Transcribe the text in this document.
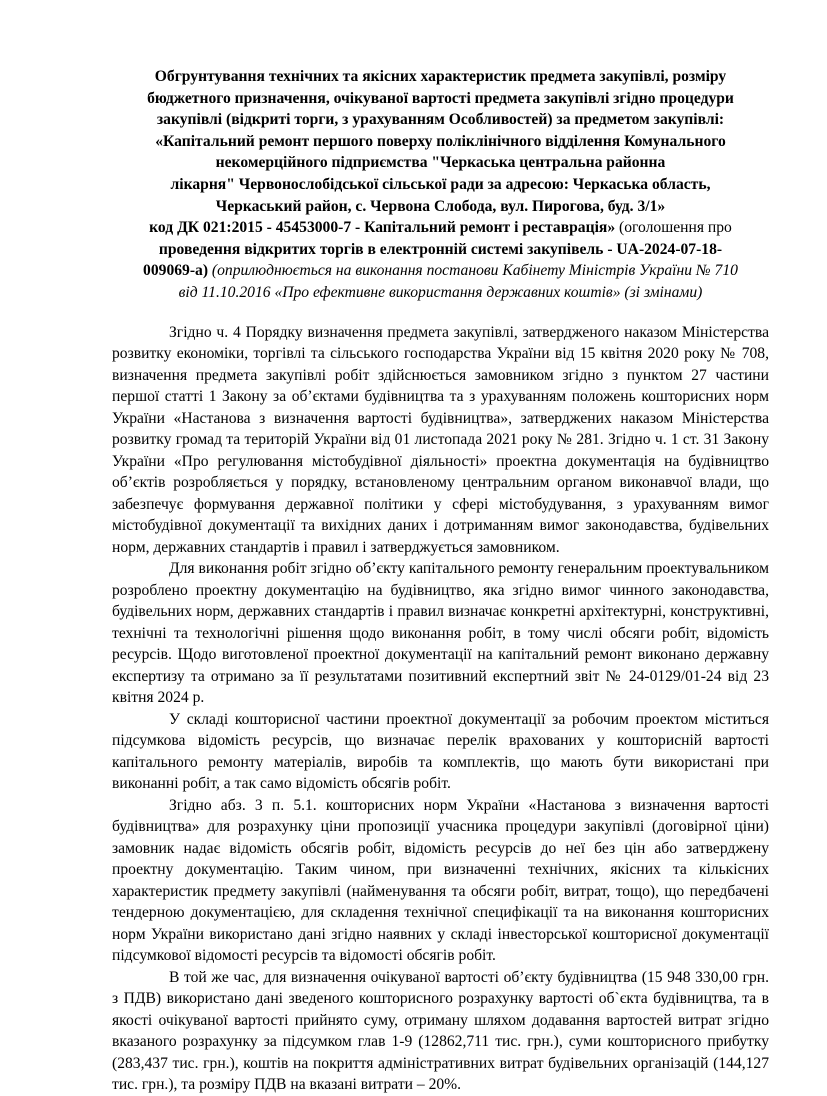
Обгрунтування технічних та якісних характеристик предмета закупівлі, розміру
бюджетного призначення, очікуваної вартості предмета закупівлі згідно процедури
закупівлі (відкриті торги, з урахуванням Особливостей) за предметом закупівлі:
«Капітальний ремонт першого поверху поліклінічного відділення Комунального
некомерційного підприємства "Черкаська центральна районна
лікарня" Червонослобідської сільської ради за адресою: Черкаська область,
Черкаський район, с. Червона Слобода, вул. Пирогова, буд. 3/1»
код ДК 021:2015 - 45453000-7 - Капітальний ремонт і реставрація» (оголошення про
проведення відкритих торгів в електронній системі закупівель - UA-2024-07-18-
009069-a) (оприлюднюється на виконання постанови Кабінету Міністрів України № 710
від 11.10.2016 «Про ефективне використання державних коштів» (зі змінами)

Згідно ч. 4 Порядку визначення предмета закупівлі, затвердженого наказом Міністерства розвитку економіки, торгівлі та сільського господарства України від 15 квітня 2020 року № 708, визначення предмета закупівлі робіт здійснюється замовником згідно з пунктом 27 частини першої статті 1 Закону за об’єктами будівництва та з урахуванням положень кошторисних норм України «Настанова з визначення вартості будівництва», затверджених наказом Міністерства розвитку громад та територій України від 01 листопада 2021 року № 281. Згідно ч. 1 ст. 31 Закону України «Про регулювання містобудівної діяльності» проектна документація на будівництво об’єктів розробляється у порядку, встановленому центральним органом виконавчої влади, що забезпечує формування державної політики у сфері містобудування, з урахуванням вимог містобудівної документації та вихідних даних і дотриманням вимог законодавства, будівельних норм, державних стандартів і правил і затверджується замовником.

Для виконання робіт згідно об’єкту капітального ремонту генеральним проектувальником розроблено проектну документацію на будівництво, яка згідно вимог чинного законодавства, будівельних норм, державних стандартів і правил визначає конкретні архітектурні, конструктивні, технічні та технологічні рішення щодо виконання робіт, в тому числі обсяги робіт, відомість ресурсів. Щодо виготовленої проектної документації на капітальний ремонт виконано державну експертизу та отримано за її результатами позитивний експертний звіт № 24-0129/01-24 від 23 квітня 2024 р.

У складі кошторисної частини проектної документації за робочим проектом міститься підсумкова відомість ресурсів, що визначає перелік врахованих у кошторисній вартості капітального ремонту матеріалів, виробів та комплектів, що мають бути використані при виконанні робіт, а так само відомість обсягів робіт.

Згідно абз. 3 п. 5.1. кошторисних норм України «Настанова з визначення вартості будівництва» для розрахунку ціни пропозиції учасника процедури закупівлі (договірної ціни) замовник надає відомість обсягів робіт, відомість ресурсів до неї без цін або затверджену проектну документацію. Таким чином, при визначенні технічних, якісних та кількісних характеристик предмету закупівлі (найменування та обсяги робіт, витрат, тощо), що передбачені тендерною документацією, для складення технічної специфікації та на виконання кошторисних норм України використано дані згідно наявних у складі інвесторської кошторисної документації підсумкової відомості ресурсів та відомості обсягів робіт.

В той же час, для визначення очікуваної вартості об’єкту будівництва (15 948 330,00 грн. з ПДВ) використано дані зведеного кошторисного розрахунку вартості об`єкта будівництва, та в якості очікуваної вартості прийнято суму, отриману шляхом додавання вартостей витрат згідно вказаного розрахунку за підсумком глав 1-9 (12862,711 тис. грн.), суми кошторисного прибутку (283,437 тис. грн.), коштів на покриття адміністративних витрат будівельних організацій (144,127 тис. грн.), та розміру ПДВ на вказані витрати – 20%.
